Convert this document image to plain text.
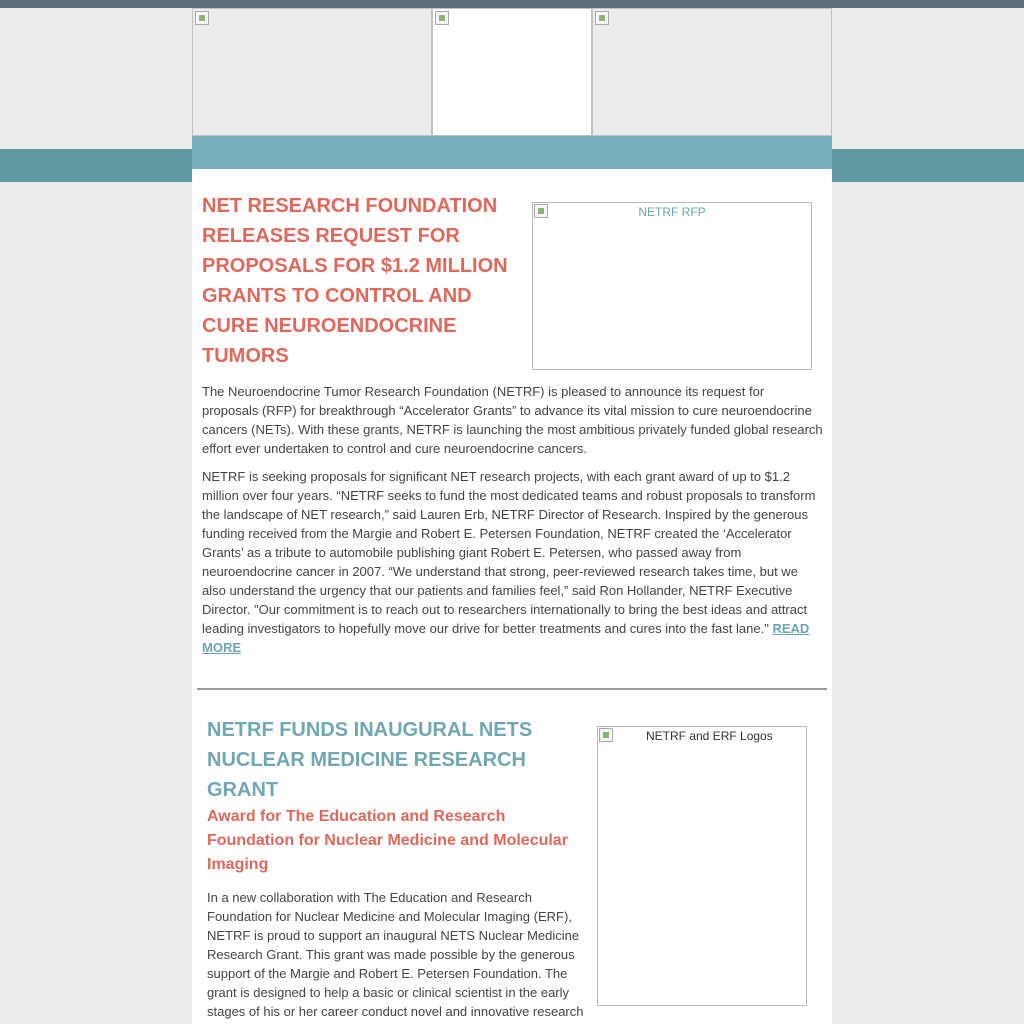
NET RESEARCH FOUNDATION RELEASES REQUEST FOR PROPOSALS FOR $1.2 MILLION GRANTS TO CONTROL AND CURE NEUROENDOCRINE TUMORS
NETRF RFP

The Neuroendocrine Tumor Research Foundation (NETRF) is pleased to announce its request for proposals (RFP) for breakthrough “Accelerator Grants” to advance its vital mission to cure neuroendocrine cancers (NETs). With these grants, NETRF is launching the most ambitious privately funded global research effort ever undertaken to control and cure neuroendocrine cancers.

NETRF is seeking proposals for significant NET research projects, with each grant award of up to $1.2 million over four years. “NETRF seeks to fund the most dedicated teams and robust proposals to transform the landscape of NET research,” said Lauren Erb, NETRF Director of Research. Inspired by the generous funding received from the Margie and Robert E. Petersen Foundation, NETRF created the ‘Accelerator Grants’ as a tribute to automobile publishing giant Robert E. Petersen, who passed away from neuroendocrine cancer in 2007. “We understand that strong, peer-reviewed research takes time, but we also understand the urgency that our patients and families feel,” said Ron Hollander, NETRF Executive Director. "Our commitment is to reach out to researchers internationally to bring the best ideas and attract leading investigators to hopefully move our drive for better treatments and cures into the fast lane." READ MORE

NETRF FUNDS INAUGURAL NETS NUCLEAR MEDICINE RESEARCH GRANT
Award for The Education and Research Foundation for Nuclear Medicine and Molecular Imaging
NETRF and ERF Logos

In a new collaboration with The Education and Research Foundation for Nuclear Medicine and Molecular Imaging (ERF), NETRF is proud to support an inaugural NETS Nuclear Medicine Research Grant. This grant was made possible by the generous support of the Margie and Robert E. Petersen Foundation. The grant is designed to help a basic or clinical scientist in the early stages of his or her career conduct novel and innovative research
